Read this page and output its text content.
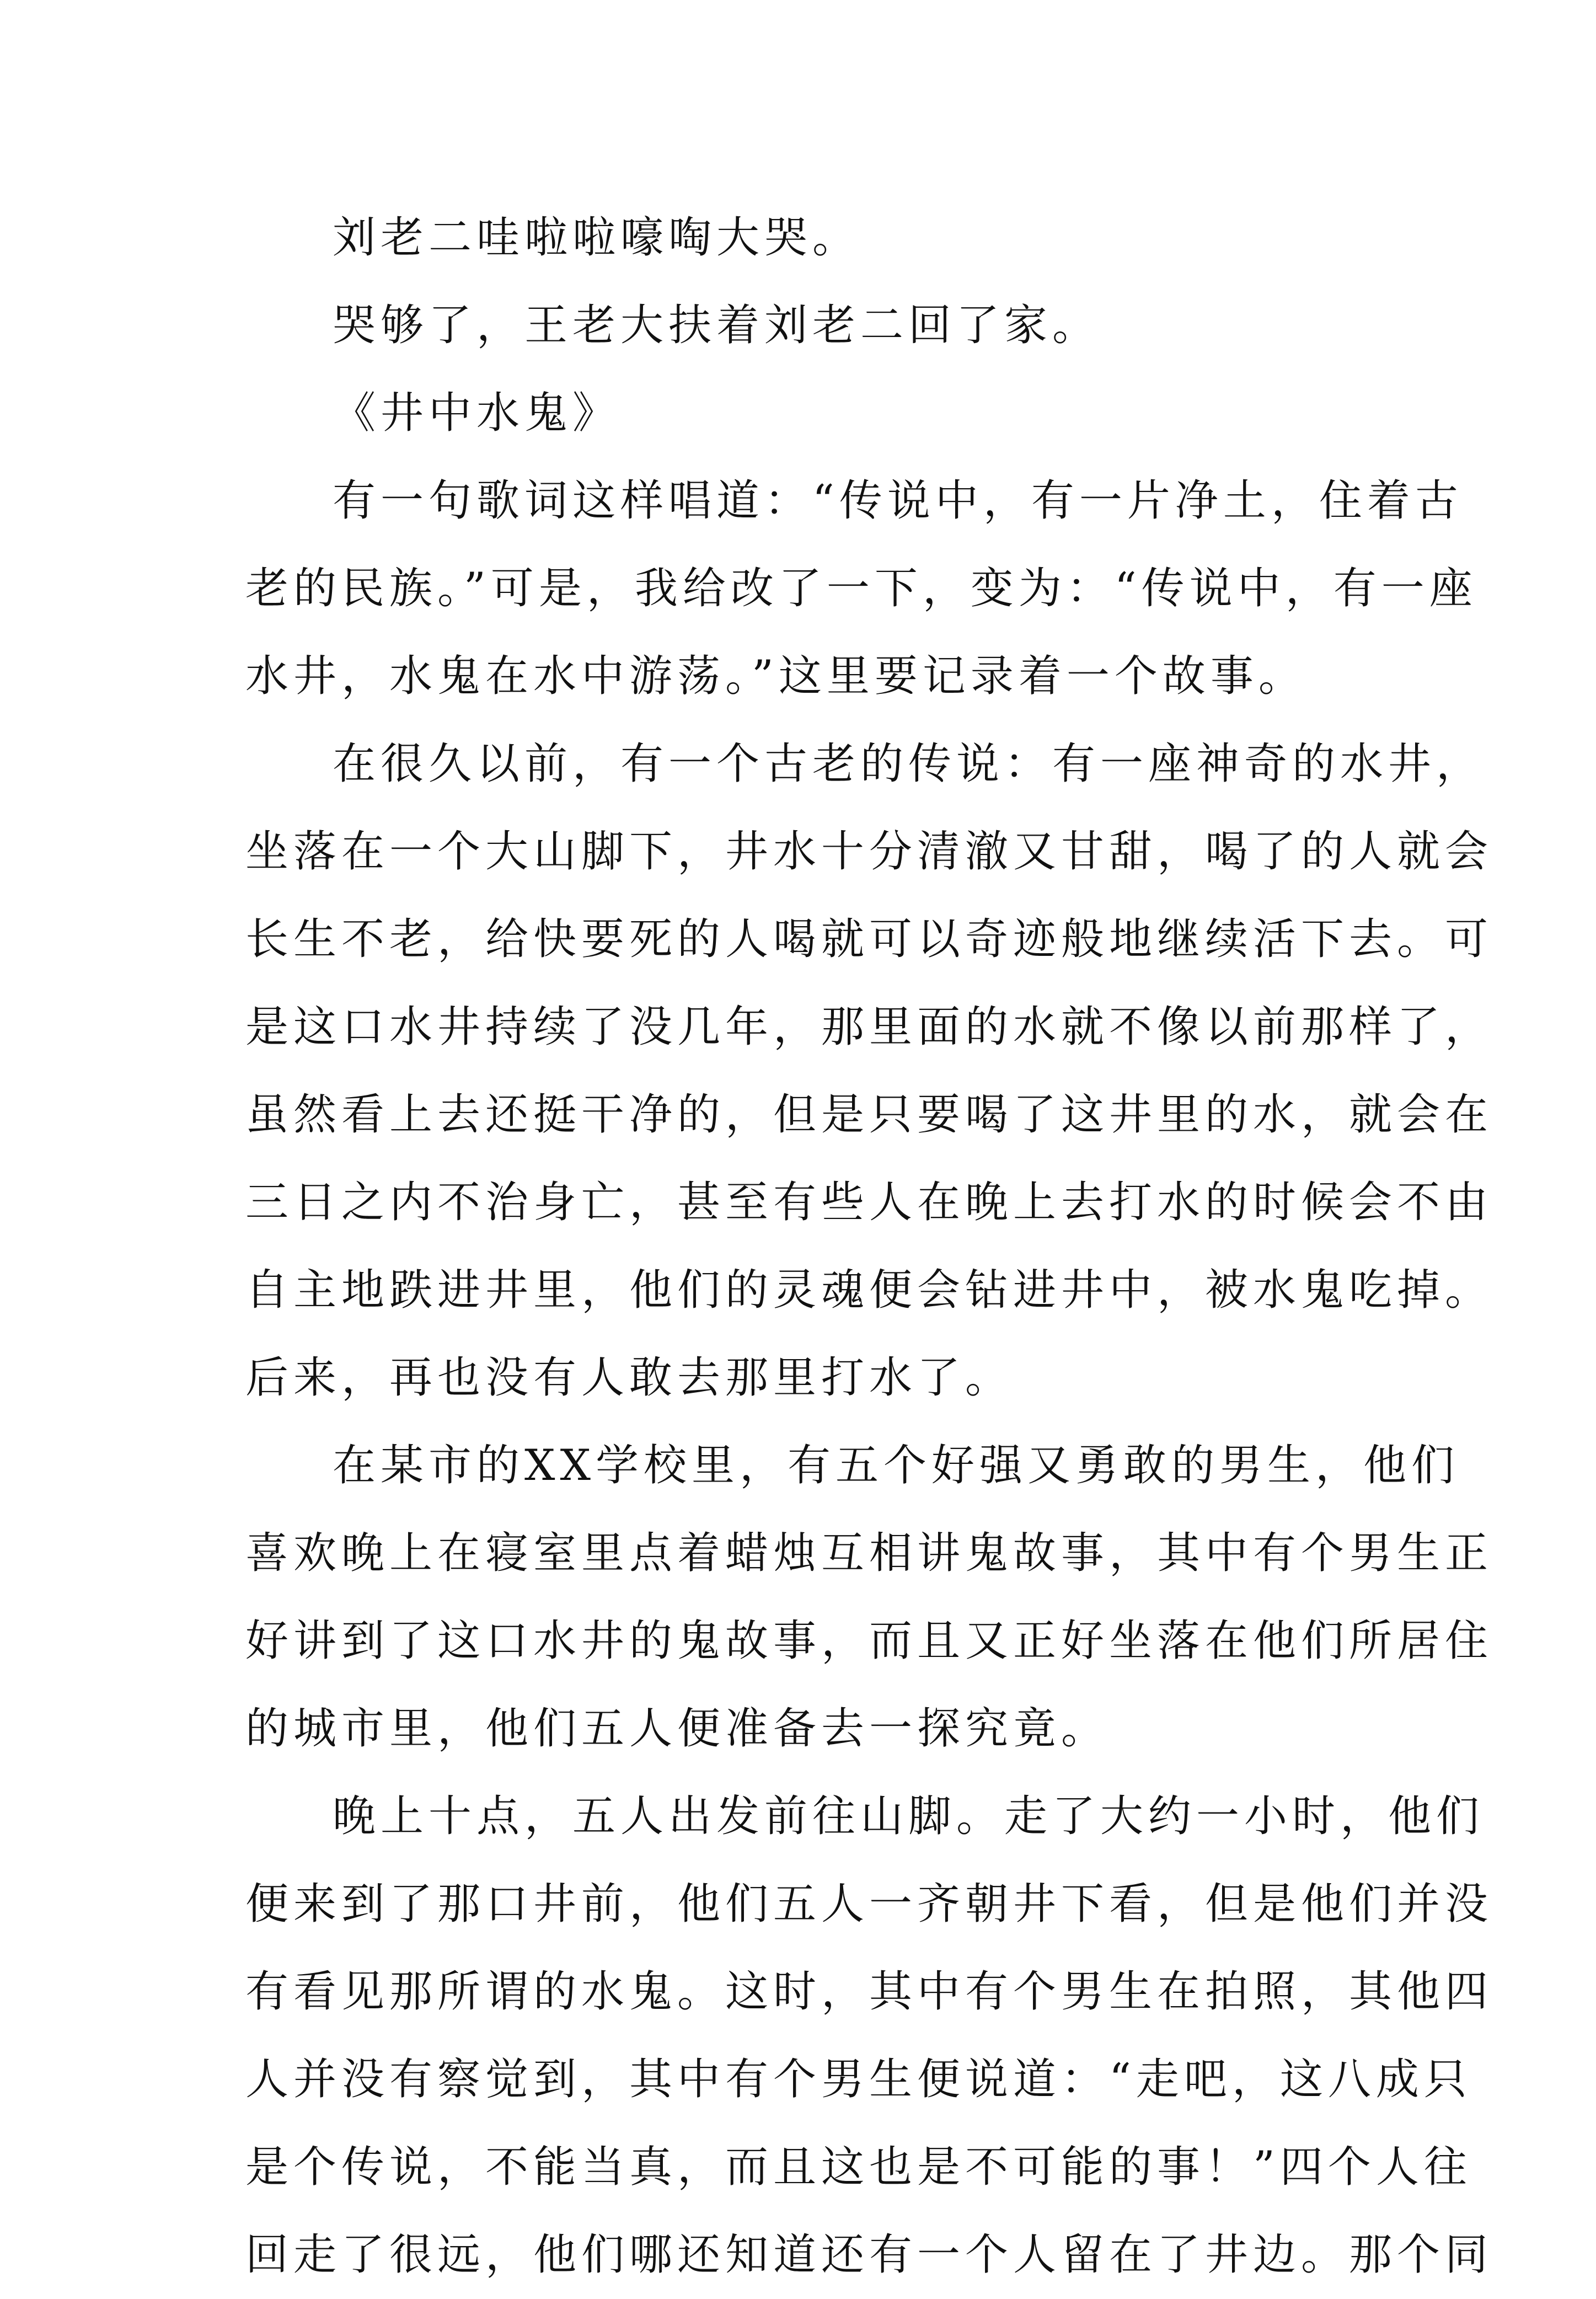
刘老二哇啦啦嚎啕大哭。
哭够了，王老大扶着刘老二回了家。
《井中水鬼》
有一句歌词这样唱道：“传说中，有一片净土，住着古
老的民族。”可是，我给改了一下，变为：“传说中，有一座
水井，水鬼在水中游荡。”这里要记录着一个故事。
在很久以前，有一个古老的传说：有一座神奇的水井，
坐落在一个大山脚下，井水十分清澈又甘甜，喝了的人就会
长生不老，给快要死的人喝就可以奇迹般地继续活下去。可
是这口水井持续了没几年，那里面的水就不像以前那样了，
虽然看上去还挺干净的，但是只要喝了这井里的水，就会在
三日之内不治身亡，甚至有些人在晚上去打水的时候会不由
自主地跌进井里，他们的灵魂便会钻进井中，被水鬼吃掉。
后来，再也没有人敢去那里打水了。
在某市的XX学校里，有五个好强又勇敢的男生，他们
喜欢晚上在寝室里点着蜡烛互相讲鬼故事，其中有个男生正
好讲到了这口水井的鬼故事，而且又正好坐落在他们所居住
的城市里，他们五人便准备去一探究竟。
晚上十点，五人出发前往山脚。走了大约一小时，他们
便来到了那口井前，他们五人一齐朝井下看，但是他们并没
有看见那所谓的水鬼。这时，其中有个男生在拍照，其他四
人并没有察觉到，其中有个男生便说道：“走吧，这八成只
是个传说，不能当真，而且这也是不可能的事！”四个人往
回走了很远，他们哪还知道还有一个人留在了井边。那个同
